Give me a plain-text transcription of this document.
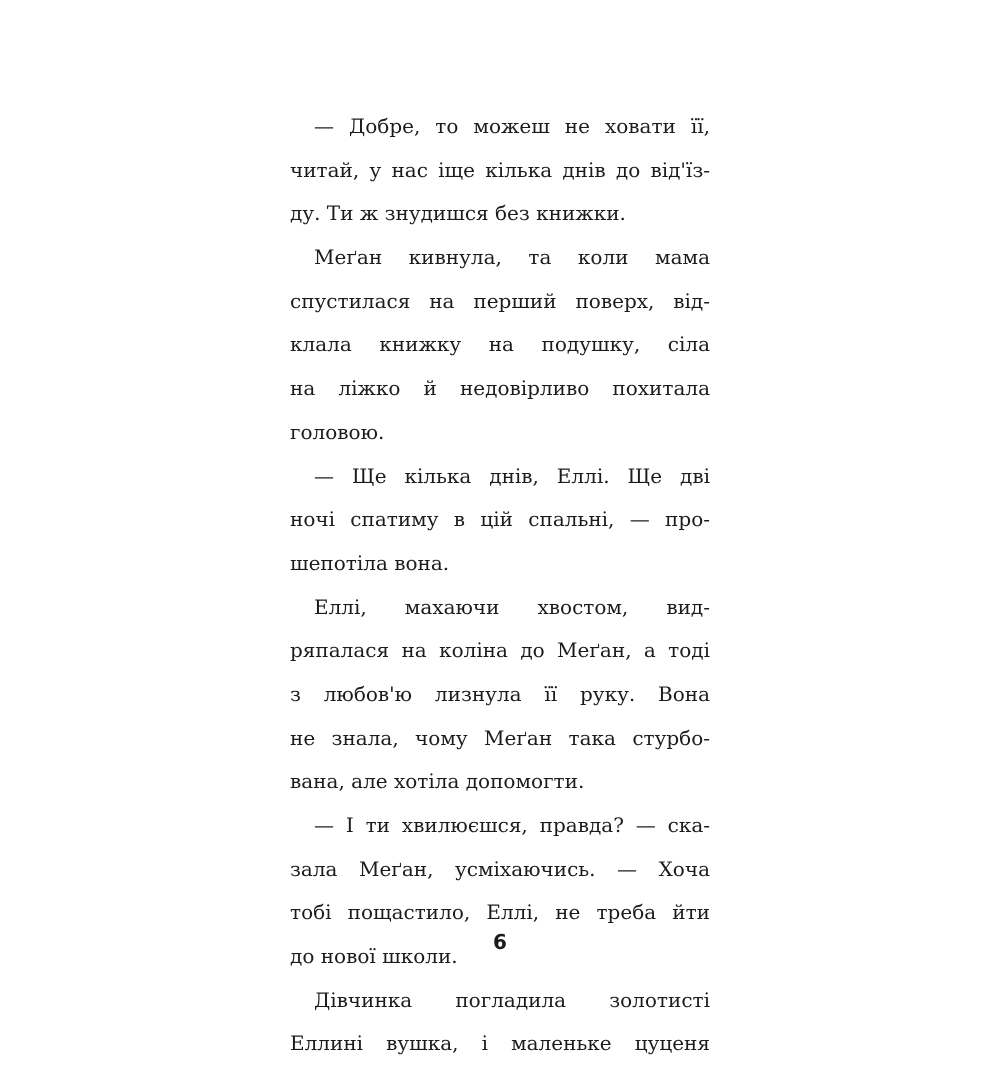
— Добре, то можеш не ховати її,
читай, у нас іще кілька днів до від'їз-
ду. Ти ж знудишся без книжки.
Меґан кивнула, та коли мама
спустилася на перший поверх, від-
клала книжку на подушку, сіла
на ліжко й недовірливо похитала
головою.
— Ще кілька днів, Еллі. Ще дві
ночі спатиму в цій спальні, — про-
шепотіла вона.
Еллі, махаючи хвостом, вид-
ряпалася на коліна до Меґан, а тоді
з любов'ю лизнула її руку. Вона
не знала, чому Меґан така стурбо-
вана, але хотіла допомогти.
— І ти хвилюєшся, правда? — ска-
зала Меґан, усміхаючись. — Хоча
тобі пощастило, Еллі, не треба йти
до нової школи.
Дівчинка погладила золотисті
Еллині вушка, і маленьке цуценя
6
